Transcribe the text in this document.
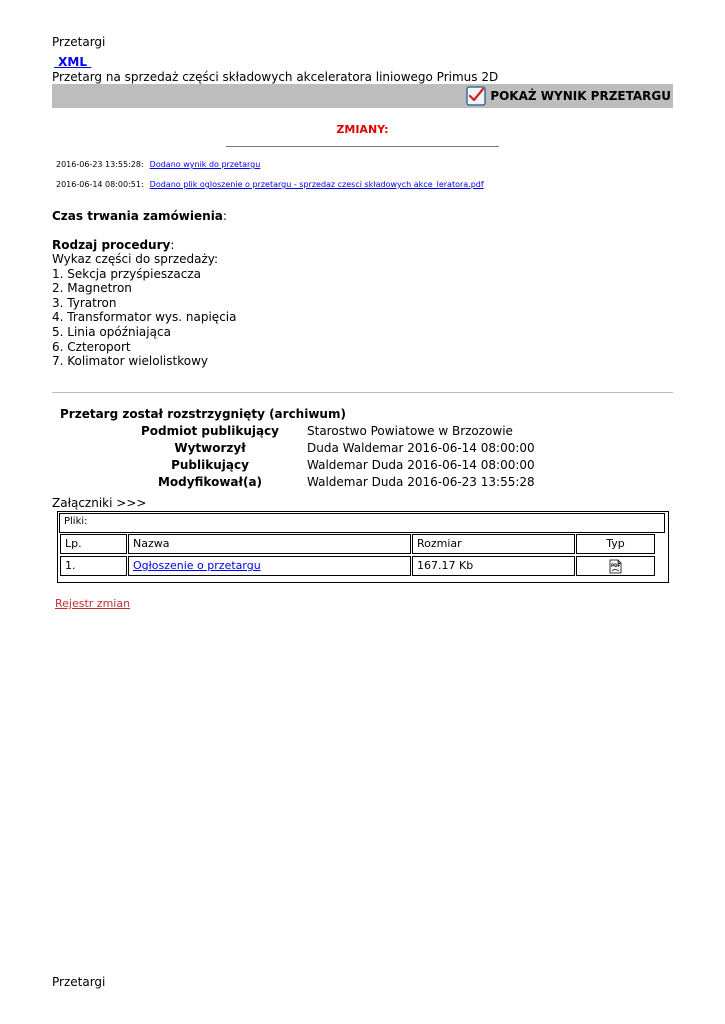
Przetargi
XML
Przetarg na sprzedaż części składowych akceleratora liniowego Primus 2D
POKAŻ WYNIK PRZETARGU
ZMIANY:
2016-06-23 13:55:28: Dodano wynik do przetargu
2016-06-14 08:00:51: Dodano plik ogloszenie o przetargu - sprzedaz czesci składowych akce_leratora.pdf
Czas trwania zamówienia:
Rodzaj procedury:
Wykaz części do sprzedaży:
1. Sekcja przyśpieszacza
2. Magnetron
3. Tyratron
4. Transformator wys. napięcia
5. Linia opóźniająca
6. Czteroport
7. Kolimator wielolistkowy
Przetarg został rozstrzygnięty (archiwum)
Podmiot publikujący	Starostwo Powiatowe w Brzozowie
Wytworzył	Duda Waldemar 2016-06-14 08:00:00
Publikujący	Waldemar Duda 2016-06-14 08:00:00
Modyfikował(a)	Waldemar Duda 2016-06-23 13:55:28
Załączniki >>>
Pliki:
Lp.	Nazwa	Rozmiar	Typ
1.	Ogłoszenie o przetargu	167.17 Kb	PDF
Rejestr zmian
Przetargi
